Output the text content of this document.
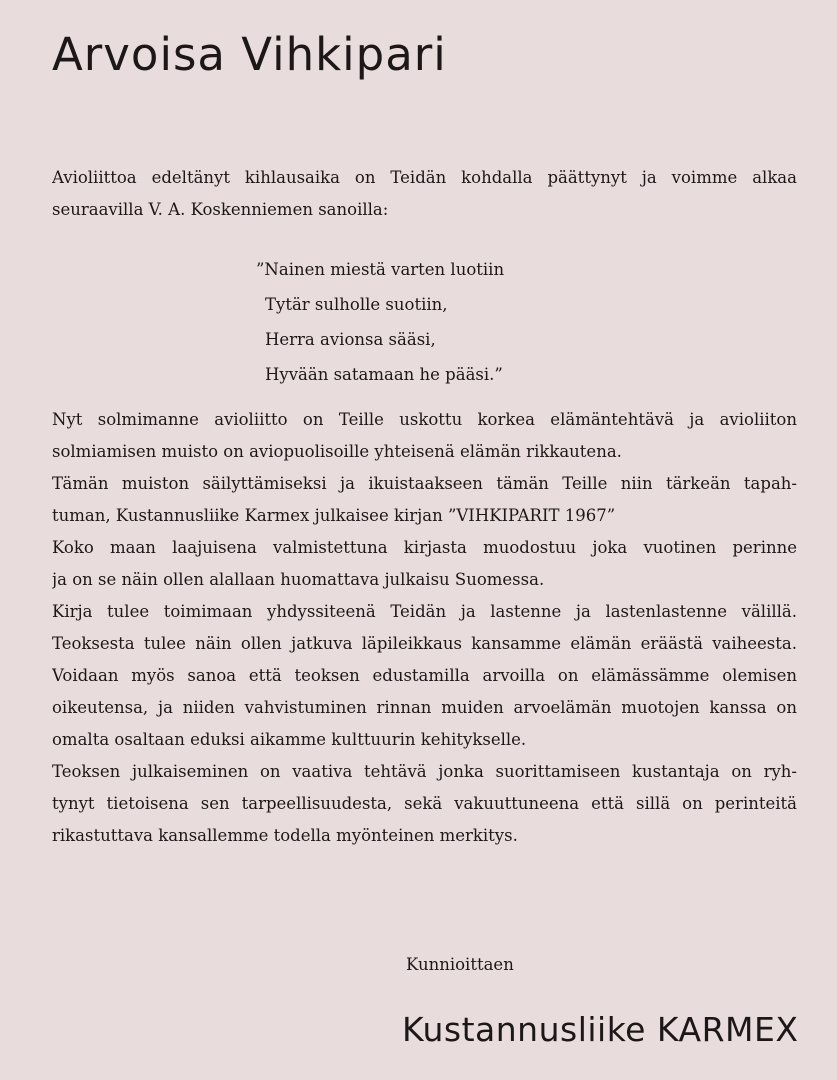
Arvoisa Vihkipari
Avioliittoa edeltänyt kihlausaika on Teidän kohdalla päättynyt ja voimme alkaa
seuraavilla V. A. Koskenniemen sanoilla:
”Nainen miestä varten luotiin
Tytär sulholle suotiin,
Herra avionsa sääsi,
Hyvään satamaan he pääsi.”
Nyt solmimanne avioliitto on Teille uskottu korkea elämäntehtävä ja avioliiton
solmiamisen muisto on aviopuolisoille yhteisenä elämän rikkautena.
Tämän muiston säilyttämiseksi ja ikuistaakseen tämän Teille niin tärkeän tapah-
tuman, Kustannusliike Karmex julkaisee kirjan ”VIHKIPARIT 1967”
Koko maan laajuisena valmistettuna kirjasta muodostuu joka vuotinen perinne
ja on se näin ollen alallaan huomattava julkaisu Suomessa.
Kirja tulee toimimaan yhdyssiteenä Teidän ja lastenne ja lastenlastenne välillä.
Teoksesta tulee näin ollen jatkuva läpileikkaus kansamme elämän eräästä vaiheesta.
Voidaan myös sanoa että teoksen edustamilla arvoilla on elämässämme olemisen
oikeutensa, ja niiden vahvistuminen rinnan muiden arvoelämän muotojen kanssa on
omalta osaltaan eduksi aikamme kulttuurin kehitykselle.
Teoksen julkaiseminen on vaativa tehtävä jonka suorittamiseen kustantaja on ryh-
tynyt tietoisena sen tarpeellisuudesta, sekä vakuuttuneena että sillä on perinteitä
rikastuttava kansallemme todella myönteinen merkitys.

Kunnioittaen

Kustannusliike KARMEX
